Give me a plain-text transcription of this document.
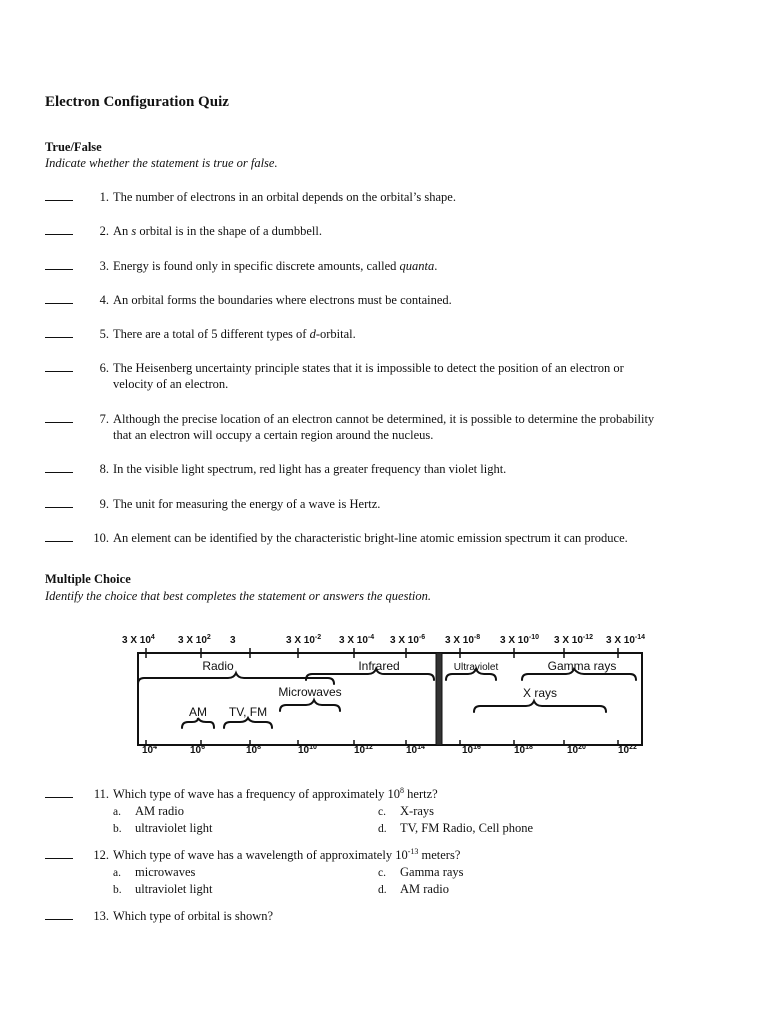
Electron Configuration Quiz
True/False
Indicate whether the statement is true or false.
1. The number of electrons in an orbital depends on the orbital’s shape.
2. An s orbital is in the shape of a dumbbell.
3. Energy is found only in specific discrete amounts, called quanta.
4. An orbital forms the boundaries where electrons must be contained.
5. There are a total of 5 different types of d-orbital.
6. The Heisenberg uncertainty principle states that it is impossible to detect the position of an electron or
velocity of an electron.
7. Although the precise location of an electron cannot be determined, it is possible to determine the probability
that an electron will occupy a certain region around the nucleus.
8. In the visible light spectrum, red light has a greater frequency than violet light.
9. The unit for measuring the energy of a wave is Hertz.
10. An element can be identified by the characteristic bright-line atomic emission spectrum it can produce.
Multiple Choice
Identify the choice that best completes the statement or answers the question.
3 X $10^4$ 3 X $10^2$ 3	3 X $10^{-2}$ 3 X $10^{-4}$ 3 X $10^{-6}$ 3 X $10^{-8}$ 3 X $10^{-10}$ 3 X $10^{-12}$ 3 X $10^{-14}$
Radio	Infrared	Ultraviolet	Gamma rays
Microwaves	X rays
AM TV, FM
$10^4$	$10^6$	$10^8$	$10^{10}$	$10^{12}$	$10^{14}$	$10^{16}$	$10^{18}$	$10^{20}$	$10^{22}$
11. Which type of wave has a frequency of approximately $10^8$ hertz?
a. AM radio	c. X-rays
b. ultraviolet light	d. TV, FM Radio, Cell phone
12. Which type of wave has a wavelength of approximately $10^{-13}$ meters?
a. microwaves	c. Gamma rays
b. ultraviolet light	d. AM radio
13. Which type of orbital is shown?
